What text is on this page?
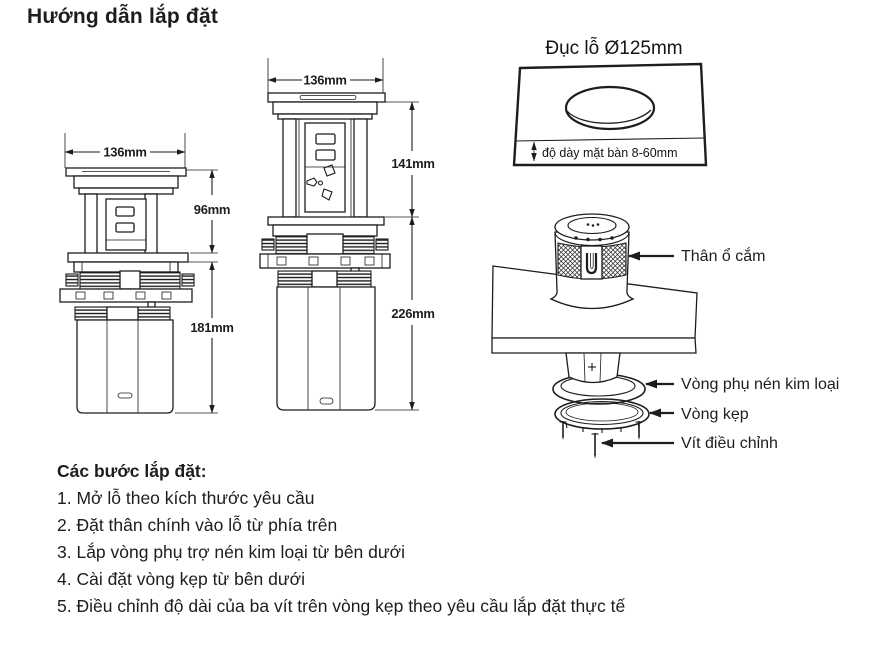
Hướng dẫn lắp đặt
136mm
96mm
181mm
136mm
141mm
226mm
Đục lỗ Ø125mm
độ dày mặt bàn 8-60mm
Thân ổ cắm
Vòng phụ nén kim loại
Vòng kẹp
Vít điều chỉnh
Các bước lắp đặt:
1. Mở lỗ theo kích thước yêu cầu
2. Đặt thân chính vào lỗ từ phía trên
3. Lắp vòng phụ trợ nén kim loại từ bên dưới
4. Cài đặt vòng kẹp từ bên dưới
5. Điều chỉnh độ dài của ba vít trên vòng kẹp theo yêu cầu lắp đặt thực tế
